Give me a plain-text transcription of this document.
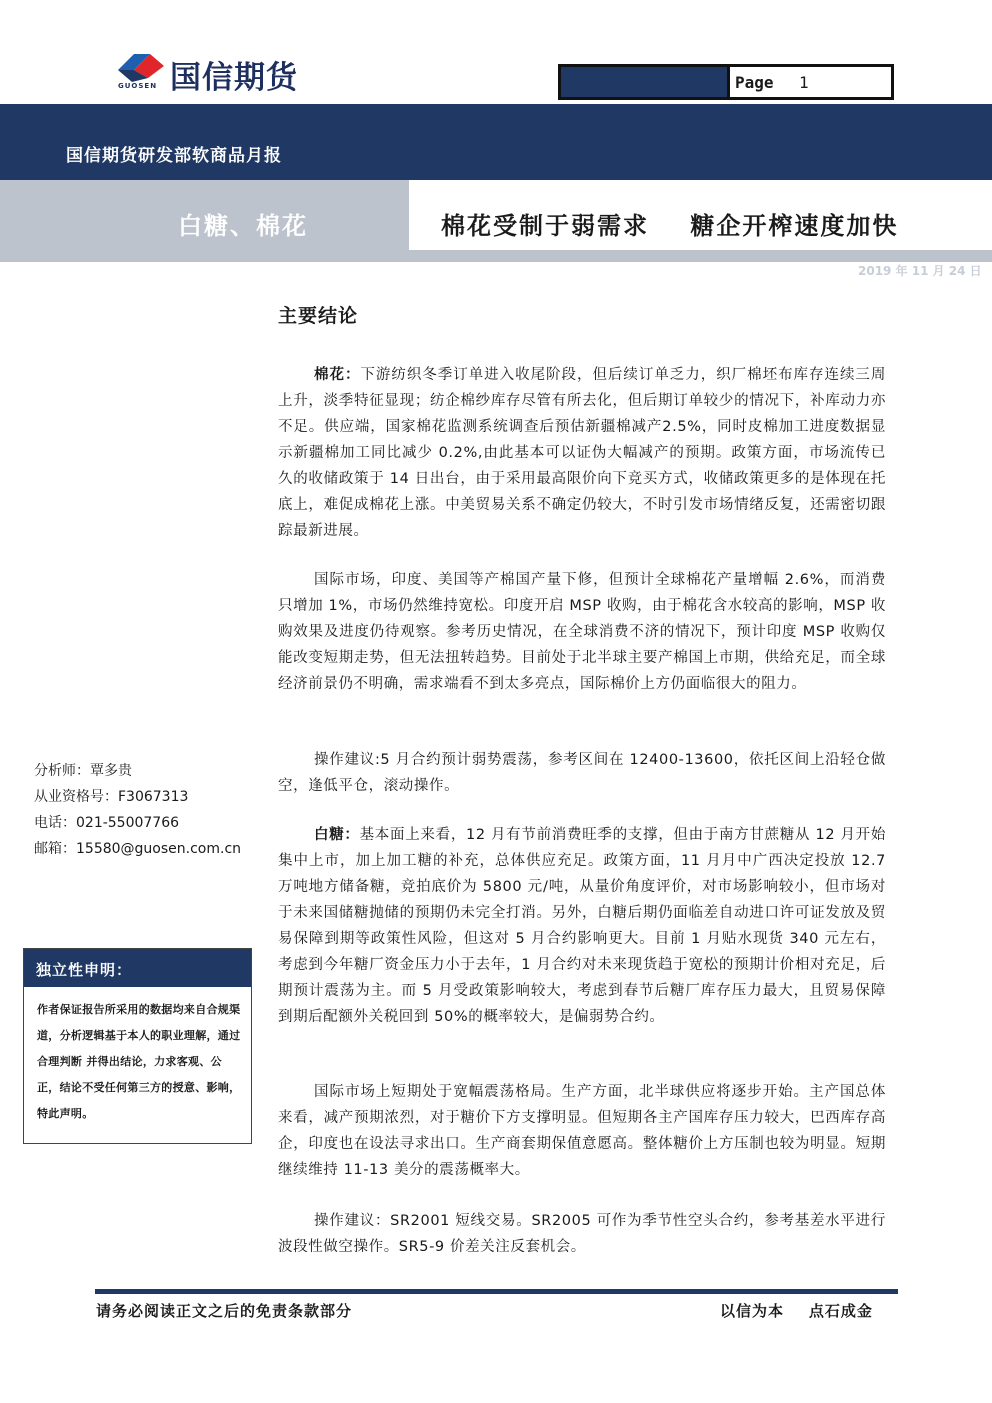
国信期货
GUOSEN	Page 1
国信期货研发部软商品月报
白糖、棉花	棉花受制于弱需求    糖企开榨速度加快
2019 年 11 月 24 日
主要结论

棉花：下游纺织冬季订单进入收尾阶段，但后续订单乏力，织厂棉坯布库存连续三周上升，淡季特征显现；纺企棉纱库存尽管有所去化，但后期订单较少的情况下，补库动力亦不足。供应端，国家棉花监测系统调查后预估新疆棉减产2.5%，同时皮棉加工进度数据显示新疆棉加工同比减少 0.2%,由此基本可以证伪大幅减产的预期。政策方面，市场流传已久的收储政策于 14 日出台，由于采用最高限价向下竞买方式，收储政策更多的是体现在托底上，难促成棉花上涨。中美贸易关系不确定仍较大，不时引发市场情绪反复，还需密切跟踪最新进展。

国际市场，印度、美国等产棉国产量下修，但预计全球棉花产量增幅 2.6%，而消费只增加 1%，市场仍然维持宽松。印度开启 MSP 收购，由于棉花含水较高的影响，MSP 收购效果及进度仍待观察。参考历史情况，在全球消费不济的情况下，预计印度 MSP 收购仅能改变短期走势，但无法扭转趋势。目前处于北半球主要产棉国上市期，供给充足，而全球经济前景仍不明确，需求端看不到太多亮点，国际棉价上方仍面临很大的阻力。

操作建议:5 月合约预计弱势震荡，参考区间在 12400-13600，依托区间上沿轻仓做空，逢低平仓，滚动操作。

白糖：基本面上来看，12 月有节前消费旺季的支撑，但由于南方甘蔗糖从 12 月开始集中上市，加上加工糖的补充，总体供应充足。政策方面，11 月月中广西决定投放 12.7 万吨地方储备糖，竞拍底价为 5800 元/吨，从量价角度评价，对市场影响较小，但市场对于未来国储糖抛储的预期仍未完全打消。另外，白糖后期仍面临差自动进口许可证发放及贸易保障到期等政策性风险，但这对 5 月合约影响更大。目前 1 月贴水现货 340 元左右，考虑到今年糖厂资金压力小于去年，1 月合约对未来现货趋于宽松的预期计价相对充足，后期预计震荡为主。而 5 月受政策影响较大，考虑到春节后糖厂库存压力最大，且贸易保障到期后配额外关税回到 50%的概率较大，是偏弱势合约。

国际市场上短期处于宽幅震荡格局。生产方面，北半球供应将逐步开始。主产国总体来看，减产预期浓烈，对于糖价下方支撑明显。但短期各主产国库存压力较大，巴西库存高企，印度也在设法寻求出口。生产商套期保值意愿高。整体糖价上方压制也较为明显。短期继续维持 11-13 美分的震荡概率大。

操作建议：SR2001 短线交易。SR2005 可作为季节性空头合约，参考基差水平进行波段性做空操作。SR5-9 价差关注反套机会。

分析师：覃多贵
从业资格号：F3067313
电话：021-55007766
邮箱：15580@guosen.com.cn
独立性申明：
作者保证报告所采用的数据均来自合规渠道，分析逻辑基于本人的职业理解，通过合理判断 并得出结论，力求客观、公正，结论不受任何第三方的授意、影响，特此声明。
请务必阅读正文之后的免责条款部分	以信为本    点石成金
